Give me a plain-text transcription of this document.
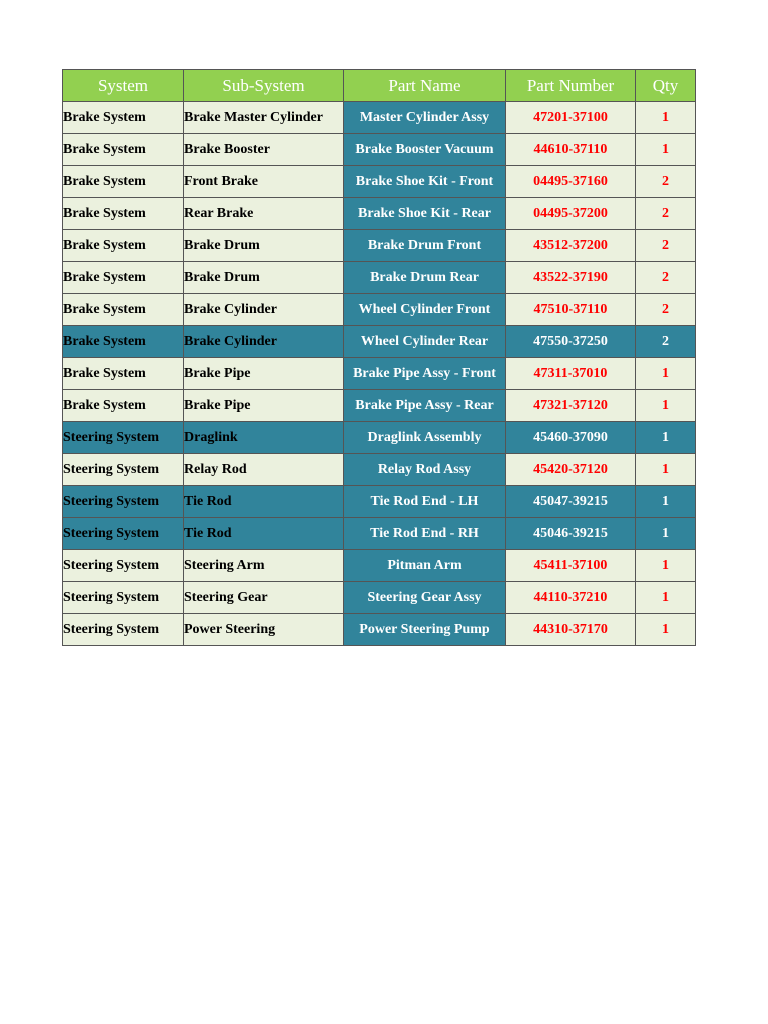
System	Sub-System	Part Name	Part Number	Qty
Brake System	Brake Master Cylinder	Master Cylinder Assy	47201-37100	1
Brake System	Brake Booster	Brake Booster Vacuum	44610-37110	1
Brake System	Front Brake	Brake Shoe Kit - Front	04495-37160	2
Brake System	Rear Brake	Brake Shoe Kit - Rear	04495-37200	2
Brake System	Brake Drum	Brake Drum Front	43512-37200	2
Brake System	Brake Drum	Brake Drum Rear	43522-37190	2
Brake System	Brake Cylinder	Wheel Cylinder Front	47510-37110	2
Brake System	Brake Cylinder	Wheel Cylinder Rear	47550-37250	2
Brake System	Brake Pipe	Brake Pipe Assy - Front	47311-37010	1
Brake System	Brake Pipe	Brake Pipe Assy - Rear	47321-37120	1
Steering System	Draglink	Draglink Assembly	45460-37090	1
Steering System	Relay Rod	Relay Rod Assy	45420-37120	1
Steering System	Tie Rod	Tie Rod End - LH	45047-39215	1
Steering System	Tie Rod	Tie Rod End - RH	45046-39215	1
Steering System	Steering Arm	Pitman Arm	45411-37100	1
Steering System	Steering Gear	Steering Gear Assy	44110-37210	1
Steering System	Power Steering	Power Steering Pump	44310-37170	1
